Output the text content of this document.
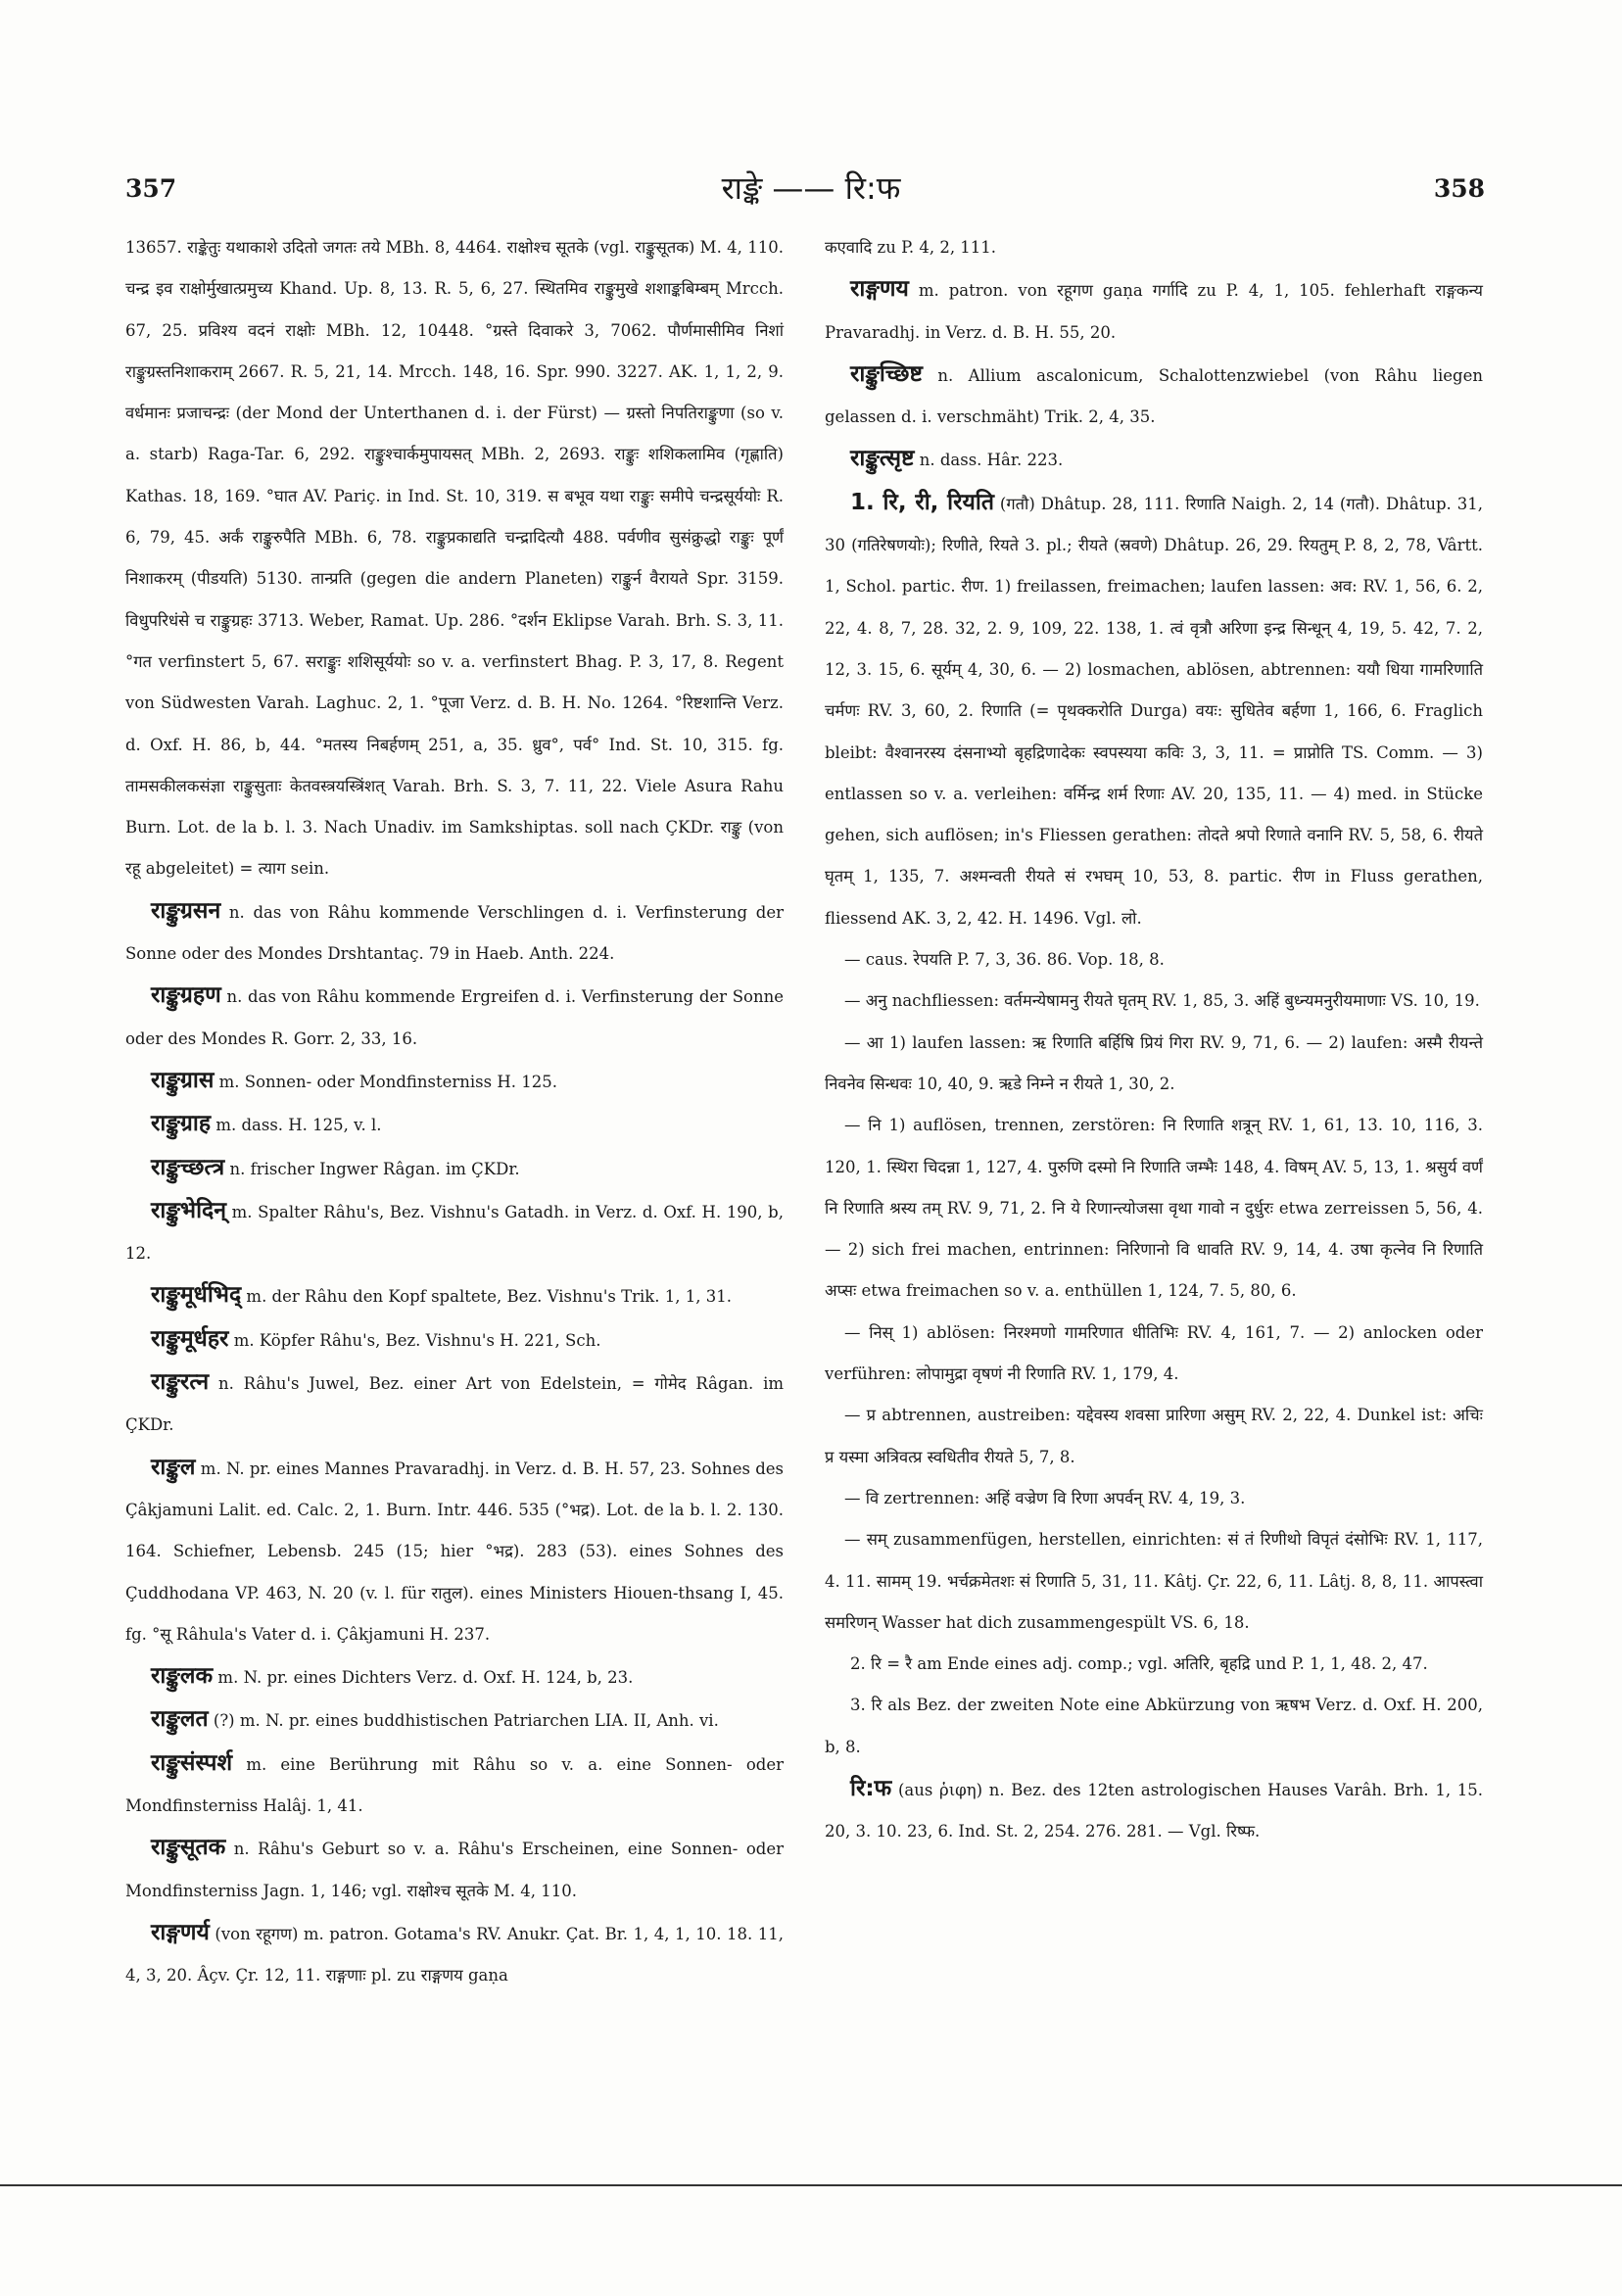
357	राङ्के —— रि:फ	358

13657. राङ्केतुः यथाकाशे उदितो जगतः तये MBh. 8, 4464. राक्षोश्च सूतके (vgl. राङ्कुसूतक) M. 4, 110. चन्द्र इव राक्षोर्मुखात्प्रमुच्य Khand. Up. 8, 13. R. 5, 6, 27. स्थितमिव राङ्कुमुखे शशाङ्कबिम्बम् Mrcch. 67, 25. प्रविश्य वदनं राक्षोः MBh. 12, 10448. °ग्रस्ते दिवाकरे 3, 7062. पौर्णमासीमिव निशां राङ्कुग्रस्तनिशाकराम् 2667. R. 5, 21, 14. Mrcch. 148, 16. Spr. 990. 3227. AK. 1, 1, 2, 9. वर्धमानः प्रजाचन्द्रः (der Mond der Unterthanen d. i. der Fürst) — ग्रस्तो निपतिराङ्कुणा (so v. a. starb) Raga-Tar. 6, 292. राङ्कुश्चार्कमुपायसत् MBh. 2, 2693. राङ्कुः शशिकलामिव (गृह्णाति) Kathas. 18, 169. °घात AV. Pariç. in Ind. St. 10, 319. स बभूव यथा राङ्कुः समीपे चन्द्रसूर्ययोः R. 6, 79, 45. अर्कं राङ्कुरुपैति MBh. 6, 78. राङ्कुप्रकाद्यति चन्द्रादित्यौ 488. पर्वणीव सुसंक्रुद्धो राङ्कुः पूर्णं निशाकरम् (पीडयति) 5130. तान्प्रति (gegen die andern Planeten) राङ्कुर्न वैरायते Spr. 3159. विधुपरिधंसे च राङ्कुग्रहः 3713. Weber, Ramat. Up. 286. °दर्शन Eklipse Varah. Brh. S. 3, 11. °गत verfinstert 5, 67. सराङ्कुः शशिसूर्ययोः so v. a. verfinstert Bhag. P. 3, 17, 8. Regent von Südwesten Varah. Laghuc. 2, 1. °पूजा Verz. d. B. H. No. 1264. °रिष्टशान्ति Verz. d. Oxf. H. 86, b, 44. °मतस्य निबर्हणम् 251, a, 35. ध्रुव°, पर्व° Ind. St. 10, 315. fg. तामसकीलकसंज्ञा राङ्कुसुताः केतवस्त्रयस्त्रिंशत् Varah. Brh. S. 3, 7. 11, 22. Viele Asura Rahu Burn. Lot. de la b. l. 3. Nach Unadiv. im Samkshiptas. soll nach ÇKDr. राङ्कु (von रहू abgeleitet) = त्याग sein.

राङ्कुग्रसन n. das von Râhu kommende Verschlingen d. i. Verfinsterung der Sonne oder des Mondes Drshtantaç. 79 in Haeb. Anth. 224.

राङ्कुग्रहण n. das von Râhu kommende Ergreifen d. i. Verfinsterung der Sonne oder des Mondes R. Gorr. 2, 33, 16.

राङ्कुग्रास m. Sonnen- oder Mondfinsterniss H. 125.

राङ्कुग्राह m. dass. H. 125, v. l.

राङ्कुच्छत्त्र n. frischer Ingwer Râgan. im ÇKDr.

राङ्कुभेदिन् m. Spalter Râhu's, Bez. Vishnu's Gatadh. in Verz. d. Oxf. H. 190, b, 12.

राङ्कुमूर्धभिद् m. der Râhu den Kopf spaltete, Bez. Vishnu's Trik. 1, 1, 31.

राङ्कुमूर्धहर m. Köpfer Râhu's, Bez. Vishnu's H. 221, Sch.

राङ्कुरत्न n. Râhu's Juwel, Bez. einer Art von Edelstein, = गोमेद Râgan. im ÇKDr.

राङ्कुल m. N. pr. eines Mannes Pravaradhj. in Verz. d. B. H. 57, 23. Sohnes des Çâkjamuni Lalit. ed. Calc. 2, 1. Burn. Intr. 446. 535 (°भद्र). Lot. de la b. l. 2. 130. 164. Schiefner, Lebensb. 245 (15; hier °भद्र). 283 (53). eines Sohnes des Çuddhodana VP. 463, N. 20 (v. l. für रातुल). eines Ministers Hiouen-thsang I, 45. fg. °सू Râhula's Vater d. i. Çâkjamuni H. 237.

राङ्कुलक m. N. pr. eines Dichters Verz. d. Oxf. H. 124, b, 23.

राङ्कुलत (?) m. N. pr. eines buddhistischen Patriarchen LIA. II, Anh. vi.

राङ्कुसंस्पर्श m. eine Berührung mit Râhu so v. a. eine Sonnen- oder Mondfinsterniss Halâj. 1, 41.

राङ्कुसूतक n. Râhu's Geburt so v. a. Râhu's Erscheinen, eine Sonnen- oder Mondfinsterniss Jagn. 1, 146; vgl. राक्षोश्च सूतके M. 4, 110.

राङ्गणर्य (von रहूगण) m. patron. Gotama's RV. Anukr. Çat. Br. 1, 4, 1, 10. 18. 11, 4, 3, 20. Âçv. Çr. 12, 11. राङ्गणाः pl. zu राङ्गणय gaṇa

कएवादि zu P. 4, 2, 111.

राङ्गणय m. patron. von रहूगण gaṇa गर्गादि zu P. 4, 1, 105. fehlerhaft राङ्गकन्य Pravaradhj. in Verz. d. B. H. 55, 20.

राङ्कुच्छिष्ट n. Allium ascalonicum, Schalottenzwiebel (von Râhu liegen gelassen d. i. verschmäht) Trik. 2, 4, 35.

राङ्कुत्सृष्ट n. dass. Hâr. 223.

1. रि, री, रियति (गतौ) Dhâtup. 28, 111. रिणाति Naigh. 2, 14 (गतौ). Dhâtup. 31, 30 (गतिरेषणयोः); रिणीते, रियते 3. pl.; रीयते (स्रवणे) Dhâtup. 26, 29. रियतुम् P. 8, 2, 78, Vârtt. 1, Schol. partic. रीण. 1) freilassen, freimachen; laufen lassen: अव: RV. 1, 56, 6. 2, 22, 4. 8, 7, 28. 32, 2. 9, 109, 22. 138, 1. त्वं वृत्रौ अरिणा इन्द्र सिन्धून् 4, 19, 5. 42, 7. 2, 12, 3. 15, 6. सूर्यम् 4, 30, 6. — 2) losmachen, ablösen, abtrennen: ययौ धिया गामरिणाति चर्मणः RV. 3, 60, 2. रिणाति (= पृथक्करोति Durga) वयः: सुधितेव बर्हणा 1, 166, 6. Fraglich bleibt: वैश्वानरस्य दंसनाभ्यो बृहद्रिणादेकः स्वपस्यया कविः 3, 3, 11. = प्राप्नोति TS. Comm. — 3) entlassen so v. a. verleihen: वर्मिन्द्र शर्म रिणाः AV. 20, 135, 11. — 4) med. in Stücke gehen, sich auflösen; in's Fliessen gerathen: तोदते श्रपो रिणाते वनानि RV. 5, 58, 6. रीयते घृतम् 1, 135, 7. अश्मन्वती रीयते सं रभघम् 10, 53, 8. partic. रीण in Fluss gerathen, fliessend AK. 3, 2, 42. H. 1496. Vgl. लो.

— caus. रेपयति P. 7, 3, 36. 86. Vop. 18, 8.

— अनु nachfliessen: वर्तमन्येषामनु रीयते घृतम् RV. 1, 85, 3. अहिं बुध्न्यमनुरीयमाणाः VS. 10, 19.

— आ 1) laufen lassen: ऋ रिणाति बर्हिषि प्रियं गिरा RV. 9, 71, 6. — 2) laufen: अस्मै रीयन्ते निवनेव सिन्धवः 10, 40, 9. ऋडे निम्ने न रीयते 1, 30, 2.

— नि 1) auflösen, trennen, zerstören: नि रिणाति शत्रून् RV. 1, 61, 13. 10, 116, 3. 120, 1. स्थिरा चिदन्ना 1, 127, 4. पुरुणि दस्मो नि रिणाति जम्भैः 148, 4. विषम् AV. 5, 13, 1. श्रसुर्य वर्णं नि रिणाति श्रस्य तम् RV. 9, 71, 2. नि ये रिणान्त्योजसा वृथा गावो न दुर्धुरः etwa zerreissen 5, 56, 4. — 2) sich frei machen, entrinnen: निरिणानो वि धावति RV. 9, 14, 4. उषा कृत्नेव नि रिणाति अप्सः etwa freimachen so v. a. enthüllen 1, 124, 7. 5, 80, 6.

— निस् 1) ablösen: निरश्मणो गामरिणात धीतिभिः RV. 4, 161, 7. — 2) anlocken oder verführen: लोपामुद्रा वृषणं नी रिणाति RV. 1, 179, 4.

— प्र abtrennen, austreiben: यद्देवस्य शवसा प्रारिणा असुम् RV. 2, 22, 4. Dunkel ist: अचिः प्र यस्मा अत्रिवत्प्र स्वधितीव रीयते 5, 7, 8.

— वि zertrennen: अहिं वज्रेण वि रिणा अपर्वन् RV. 4, 19, 3.

— सम् zusammenfügen, herstellen, einrichten: सं तं रिणीथो विपृतं दंसोभिः RV. 1, 117, 4. 11. सामम् 19. भर्चक्रमेतशः सं रिणाति 5, 31, 11. Kâtj. Çr. 22, 6, 11. Lâtj. 8, 8, 11. आपस्त्वा समरिणन् Wasser hat dich zusammengespült VS. 6, 18.

2. रि = रै am Ende eines adj. comp.; vgl. अतिरि, बृहद्रि und P. 1, 1, 48. 2, 47.

3. रि als Bez. der zweiten Note eine Abkürzung von ऋषभ Verz. d. Oxf. H. 200, b, 8.

रि:फ (aus ῥιφη) n. Bez. des 12ten astrologischen Hauses Varâh. Brh. 1, 15. 20, 3. 10. 23, 6. Ind. St. 2, 254. 276. 281. — Vgl. रिष्फ.
